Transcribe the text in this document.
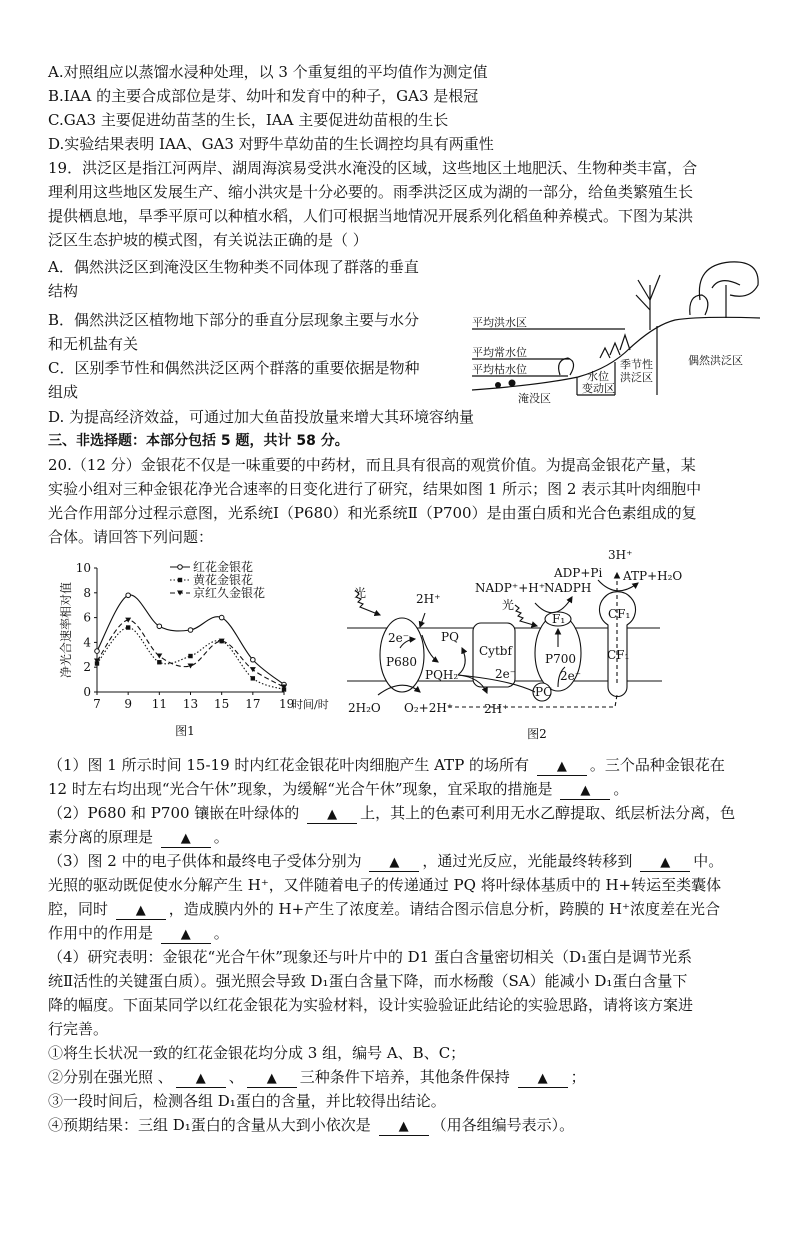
A.对照组应以蒸馏水浸种处理，以 3 个重复组的平均值作为测定值
B.IAA 的主要合成部位是芽、幼叶和发育中的种子，GA3 是根冠
C.GA3 主要促进幼苗茎的生长，IAA 主要促进幼苗根的生长
D.实验结果表明 IAA、GA3 对野牛草幼苗的生长调控均具有两重性
19．洪泛区是指江河两岸、湖周海滨易受洪水淹没的区域，这些地区土地肥沃、生物种类丰富，合
理利用这些地区发展生产、缩小洪灾是十分必要的。雨季洪泛区成为湖的一部分，给鱼类繁殖生长
提供栖息地，旱季平原可以种植水稻，人们可根据当地情况开展系列化稻鱼种养模式。下图为某洪
泛区生态护坡的模式图，有关说法正确的是（ ）
A．偶然洪泛区到淹没区生物种类不同体现了群落的垂直
结构
B．偶然洪泛区植物地下部分的垂直分层现象主要与水分
和无机盐有关
C．区别季节性和偶然洪泛区两个群落的重要依据是物种
组成
D. 为提高经济效益，可通过加大鱼苗投放量来增大其环境容纳量
三、非选择题：本部分包括 5 题，共计 58 分。
20.（12 分）金银花不仅是一味重要的中药材，而且具有很高的观赏价值。为提高金银花产量，某
实验小组对三种金银花净光合速率的日变化进行了研究，结果如图 1 所示；图 2 表示其叶肉细胞中
光合作用部分过程示意图，光系统Ⅰ（P680）和光系统Ⅱ（P700）是由蛋白质和光合色素组成的复
合体。请回答下列问题：
（1）图 1 所示时间 15-19 时内红花金银花叶肉细胞产生 ATP 的场所有 ▲ 。三个品种金银花在
12 时左右均出现“光合午休”现象，为缓解“光合午休”现象，宜采取的措施是 ▲ 。
（2）P680 和 P700 镶嵌在叶绿体的 ▲ 上，其上的色素可利用无水乙醇提取、纸层析法分离，色
素分离的原理是 ▲ 。
（3）图 2 中的电子供体和最终电子受体分别为 ▲ ，通过光反应，光能最终转移到 ▲ 中。
光照的驱动既促使水分解产生 H⁺，又伴随着电子的传递通过 PQ 将叶绿体基质中的 H+转运至类囊体
腔，同时 ▲ ，造成膜内外的 H+产生了浓度差。请结合图示信息分析，跨膜的 H⁺浓度差在光合
作用中的作用是 ▲ 。
（4）研究表明：金银花“光合午休”现象还与叶片中的 D1 蛋白含量密切相关（D₁蛋白是调节光系
统Ⅱ活性的关键蛋白质）。强光照会导致 D₁蛋白含量下降，而水杨酸（SA）能减小 D₁蛋白含量下
降的幅度。下面某同学以红花金银花为实验材料，设计实验验证此结论的实验思路，请将该方案进
行完善。
①将生长状况一致的红花金银花均分成 3 组，编号 A、B、C；
②分别在强光照 、 ▲ 、 ▲ 三种条件下培养，其他条件保持 ▲ ；
③一段时间后，检测各组 D₁蛋白的含量，并比较得出结论。
④预期结果：三组 D₁蛋白的含量从大到小依次是 ▲ （用各组编号表示）。
平均洪水区
平均常水位
平均枯水位
淹没区
水位
变动区
季节性
洪泛区
偶然洪泛区
0
2
4
6
8
10
7 9 11 13 15 17 19
时间/时
净光合速率相对值
图1
红花金银花
黄花金银花
京红久金银花	光	2H⁺
2e⁻
P680
PQ
PQH₂
Cytbf
2e⁻
P700
2e⁻
PC
F₁	CF₁
CF₁
2H₂O O₂+2H⁺	2H⁺
NADP⁺+H⁺
NADPH
光
ADP+Pi
3H⁺
ATP+H₂O
图2
